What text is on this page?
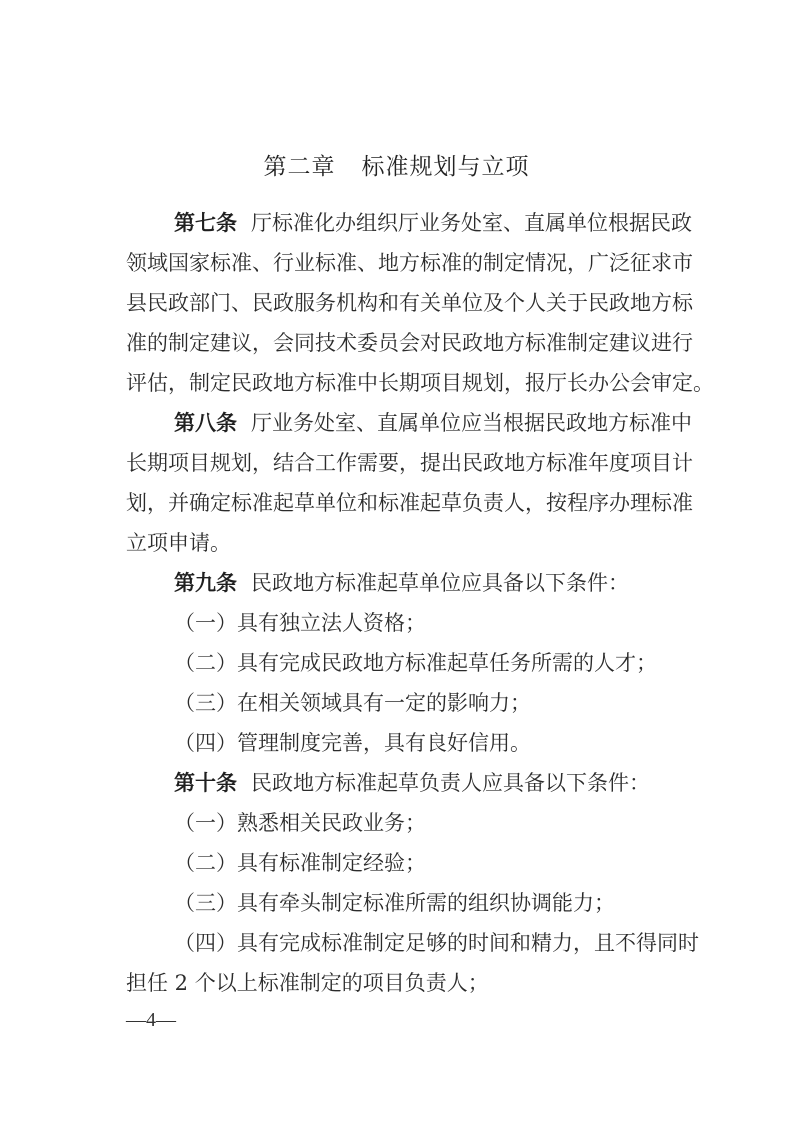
第二章 标准规划与立项
第七条 厅标准化办组织厅业务处室、直属单位根据民政
领域国家标准、行业标准、地方标准的制定情况，广泛征求市
县民政部门、民政服务机构和有关单位及个人关于民政地方标
准的制定建议，会同技术委员会对民政地方标准制定建议进行
评估，制定民政地方标准中长期项目规划，报厅长办公会审定。
第八条 厅业务处室、直属单位应当根据民政地方标准中
长期项目规划，结合工作需要，提出民政地方标准年度项目计
划，并确定标准起草单位和标准起草负责人，按程序办理标准
立项申请。
第九条 民政地方标准起草单位应具备以下条件：
（一）具有独立法人资格；
（二）具有完成民政地方标准起草任务所需的人才；
（三）在相关领域具有一定的影响力；
（四）管理制度完善，具有良好信用。
第十条 民政地方标准起草负责人应具备以下条件：
（一）熟悉相关民政业务；
（二）具有标准制定经验；
（三）具有牵头制定标准所需的组织协调能力；
（四）具有完成标准制定足够的时间和精力，且不得同时
担任 2 个以上标准制定的项目负责人；
—4—
